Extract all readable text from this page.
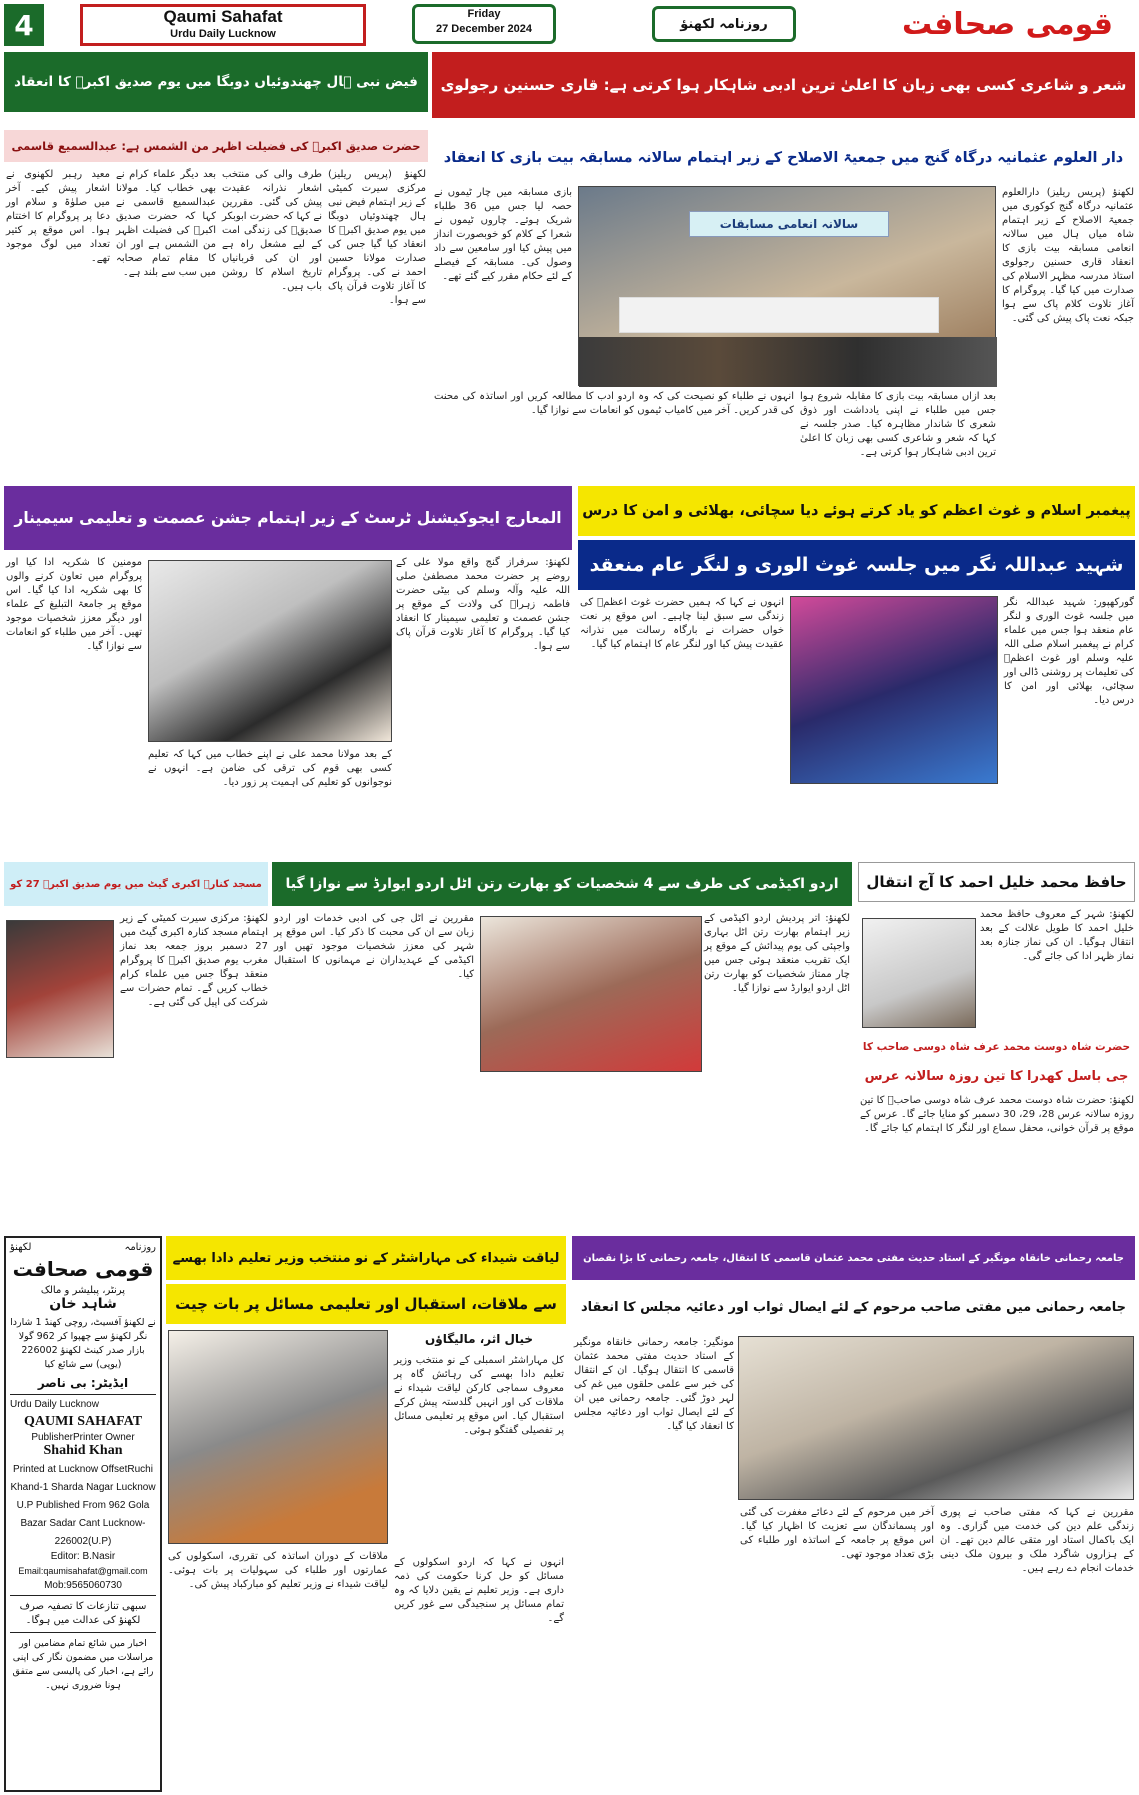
4	Qaumi Sahafat
Urdu Daily Lucknow
Friday
27 December 2024	روزنامہ لکھنؤ	قومی صحافت
فیض نبی ہال چھندوئیاں دوبگا میں یوم صدیق اکبرؓ کا انعقاد
حضرت صدیق اکبرؓ کی فضیلت اظہر من الشمس ہے: عبدالسمیع قاسمی
لکھنؤ (پریس ریلیز) مرکزی سیرت کمیٹی کے زیر اہتمام فیض نبی ہال چھندوئیاں دوبگا میں یوم صدیق اکبرؓ کا انعقاد کیا گیا جس کی صدارت مولانا حسین احمد نے کی۔ پروگرام کا آغاز تلاوت قرآن پاک سے ہوا۔
طرف والی کی منتخب اشعار نذرانہ عقیدت پیش کی گئی۔ مقررین نے کہا کہ حضرت ابوبکر صدیقؓ کی زندگی امت کے لیے مشعل راہ ہے اور ان کی قربانیاں تاریخ اسلام کا روشن باب ہیں۔
بعد دیگر علماء کرام نے بھی خطاب کیا۔ مولانا عبدالسمیع قاسمی نے کہا کہ حضرت صدیق اکبرؓ کی فضیلت اظہر من الشمس ہے اور ان کا مقام تمام صحابہ میں سب سے بلند ہے۔
معید رہبر لکھنوی نے اشعار پیش کیے۔ آخر میں صلوٰۃ و سلام اور دعا پر پروگرام کا اختتام ہوا۔ اس موقع پر کثیر تعداد میں لوگ موجود تھے۔
شعر و شاعری کسی بھی زبان کا اعلیٰ ترین ادبی شاہکار ہوا کرتی ہے: قاری حسنین رجولوی
دار العلوم عثمانیہ درگاہ گنج میں جمعیۃ الاصلاح کے زیر اہتمام سالانہ مسابقہ بیت بازی کا انعقاد
سالانہ انعامی مسابقات
لکھنؤ (پریس ریلیز) دارالعلوم عثمانیہ درگاہ گنج کوکوری میں جمعیۃ الاصلاح کے زیر اہتمام شاہ میاں ہال میں سالانہ انعامی مسابقہ بیت بازی کا انعقاد قاری حسنین رجولوی استاذ مدرسہ مظہر الاسلام کی صدارت میں کیا گیا۔ پروگرام کا آغاز تلاوت کلام پاک سے ہوا جبکہ نعت پاک پیش کی گئی۔
بازی مسابقہ میں چار ٹیموں نے حصہ لیا جس میں 36 طلباء شریک ہوئے۔ چاروں ٹیموں نے شعرا کے کلام کو خوبصورت انداز میں پیش کیا اور سامعین سے داد وصول کی۔ مسابقہ کے فیصلے کے لئے حکام مقرر کیے گئے تھے۔
بعد ازاں مسابقہ بیت بازی کا مقابلہ شروع ہوا جس میں طلباء نے اپنی یادداشت اور ذوق شعری کا شاندار مظاہرہ کیا۔ صدر جلسہ نے کہا کہ شعر و شاعری کسی بھی زبان کا اعلیٰ ترین ادبی شاہکار ہوا کرتی ہے۔
انہوں نے طلباء کو نصیحت کی کہ وہ اردو ادب کا مطالعہ کریں اور اساتذہ کی محنت کی قدر کریں۔ آخر میں کامیاب ٹیموں کو انعامات سے نوازا گیا۔
المعارج ایجوکیشنل ٹرسٹ کے زیر اہتمام جشن عصمت و تعلیمی سیمینار
لکھنؤ: سرفراز گنج واقع مولا علی کے روضے پر حضرت محمد مصطفیٰ صلی اللہ علیہ وآلہ وسلم کی بیٹی حضرت فاطمہ زہراؑ کی ولادت کے موقع پر جشن عصمت و تعلیمی سیمینار کا انعقاد کیا گیا۔ پروگرام کا آغاز تلاوت قرآن پاک سے ہوا۔
کے بعد مولانا محمد علی نے اپنے خطاب میں کہا کہ تعلیم کسی بھی قوم کی ترقی کی ضامن ہے۔ انہوں نے نوجوانوں کو تعلیم کی اہمیت پر زور دیا۔
مومنین کا شکریہ ادا کیا اور پروگرام میں تعاون کرنے والوں کا بھی شکریہ ادا کیا گیا۔ اس موقع پر جامعۃ التبلیغ کے علماء اور دیگر معزز شخصیات موجود تھیں۔ آخر میں طلباء کو انعامات سے نوازا گیا۔
پیغمبر اسلام و غوث اعظم کو یاد کرتے ہوئے دیا سچائی، بھلائی و امن کا درس
شہید عبداللہ نگر میں جلسہ غوث الوری و لنگر عام منعقد
گورکھپور: شہید عبداللہ نگر میں جلسہ غوث الوری و لنگر عام منعقد ہوا جس میں علماء کرام نے پیغمبر اسلام صلی اللہ علیہ وسلم اور غوث اعظمؒ کی تعلیمات پر روشنی ڈالی اور سچائی، بھلائی اور امن کا درس دیا۔
انہوں نے کہا کہ ہمیں حضرت غوث اعظمؒ کی زندگی سے سبق لینا چاہیے۔ اس موقع پر نعت خواں حضرات نے بارگاہ رسالت میں نذرانہ عقیدت پیش کیا اور لنگر عام کا اہتمام کیا گیا۔
مسجد کنارہ اکبری گیٹ میں یوم صدیق اکبرؓ 27 کو
لکھنؤ: مرکزی سیرت کمیٹی کے زیر اہتمام مسجد کنارہ اکبری گیٹ میں 27 دسمبر بروز جمعہ بعد نماز مغرب یوم صدیق اکبرؓ کا پروگرام منعقد ہوگا جس میں علماء کرام خطاب کریں گے۔ تمام حضرات سے شرکت کی اپیل کی گئی ہے۔
اردو اکیڈمی کی طرف سے 4 شخصیات کو بھارت رتن اٹل اردو ایوارڈ سے نوازا گیا
لکھنؤ: اتر پردیش اردو اکیڈمی کے زیر اہتمام بھارت رتن اٹل بہاری واجپئی کی یوم پیدائش کے موقع پر ایک تقریب منعقد ہوئی جس میں چار ممتاز شخصیات کو بھارت رتن اٹل اردو ایوارڈ سے نوازا گیا۔
مقررین نے اٹل جی کی ادبی خدمات اور اردو زبان سے ان کی محبت کا ذکر کیا۔ اس موقع پر شہر کی معزز شخصیات موجود تھیں اور اکیڈمی کے عہدیداران نے مہمانوں کا استقبال کیا۔
حافظ محمد خلیل احمد کا آج انتقال
لکھنؤ: شہر کے معروف حافظ محمد خلیل احمد کا طویل علالت کے بعد انتقال ہوگیا۔ ان کی نماز جنازہ بعد نماز ظہر ادا کی جائے گی۔
حضرت شاہ دوست محمد عرف شاہ دوسی صاحب کا
جی باسل کھدرا کا تین روزہ سالانہ عرس
لکھنؤ: حضرت شاہ دوست محمد عرف شاہ دوسی صاحبؒ کا تین روزہ سالانہ عرس 28، 29، 30 دسمبر کو منایا جائے گا۔ عرس کے موقع پر قرآن خوانی، محفل سماع اور لنگر کا اہتمام کیا جائے گا۔
روزنامہ
لکھنؤ
قومی صحافت
پرنٹر، پبلیشر و مالک
شاہد خان
نے لکھنؤ آفسیٹ، روچی کھنڈ 1 شاردا نگر لکھنؤ سے چھپوا کر 962 گولا بازار صدر کینٹ لکھنؤ 226002 (یوپی) سے شائع کیا
ایڈیٹر: بی ناصر
Urdu Daily Lucknow
QAUMI SAHAFAT
PublisherPrinter Owner
Shahid Khan
Printed at Lucknow OffsetRuchi Khand-1 Sharda Nagar Lucknow U.P Published From 962 Gola Bazar Sadar Cant Lucknow-226002(U.P)
Editor: B.Nasir
Email:qaumisahafat@gmail.com
Mob:9565060730
سبھی تنازعات کا تصفیہ صرف لکھنؤ کی عدالت میں ہوگا۔
اخبار میں شائع تمام مضامین اور مراسلات میں مضمون نگار کی اپنی رائے ہے، اخبار کی پالیسی سے متفق ہونا ضروری نہیں۔
لیاقت شیداء کی مہاراشٹر کے نو منتخب وزیر تعلیم دادا بھسے
سے ملاقات، استقبال اور تعلیمی مسائل پر بات چیت
خیال اثر، مالیگاؤں
کل مہاراشٹر اسمبلی کے نو منتخب وزیر تعلیم دادا بھسے کی رہائش گاہ پر معروف سماجی کارکن لیاقت شیداء نے ملاقات کی اور انہیں گلدستہ پیش کرکے استقبال کیا۔ اس موقع پر تعلیمی مسائل پر تفصیلی گفتگو ہوئی۔
انہوں نے کہا کہ اردو اسکولوں کے مسائل کو حل کرنا حکومت کی ذمہ داری ہے۔ وزیر تعلیم نے یقین دلایا کہ وہ تمام مسائل پر سنجیدگی سے غور کریں گے۔
ملاقات کے دوران اساتذہ کی تقرری، اسکولوں کی عمارتوں اور طلباء کی سہولیات پر بات ہوئی۔ لیاقت شیداء نے وزیر تعلیم کو مبارکباد پیش کی۔
جامعہ رحمانی خانقاہ مونگیر کے استاد حدیث مفتی محمد عثمان قاسمی کا انتقال، جامعہ رحمانی کا بڑا نقصان
جامعہ رحمانی میں مفتی صاحب مرحوم کے لئے ایصال ثواب اور دعائیہ مجلس کا انعقاد
مونگیر: جامعہ رحمانی خانقاہ مونگیر کے استاد حدیث مفتی محمد عثمان قاسمی کا انتقال ہوگیا۔ ان کے انتقال کی خبر سے علمی حلقوں میں غم کی لہر دوڑ گئی۔ جامعہ رحمانی میں ان کے لئے ایصال ثواب اور دعائیہ مجلس کا انعقاد کیا گیا۔
مقررین نے کہا کہ مفتی صاحب نے پوری زندگی علم دین کی خدمت میں گزاری۔ وہ ایک باکمال استاد اور متقی عالم دین تھے۔ ان کے ہزاروں شاگرد ملک و بیرون ملک دینی خدمات انجام دے رہے ہیں۔
آخر میں مرحوم کے لئے دعائے مغفرت کی گئی اور پسماندگان سے تعزیت کا اظہار کیا گیا۔ اس موقع پر جامعہ کے اساتذہ اور طلباء کی بڑی تعداد موجود تھی۔
